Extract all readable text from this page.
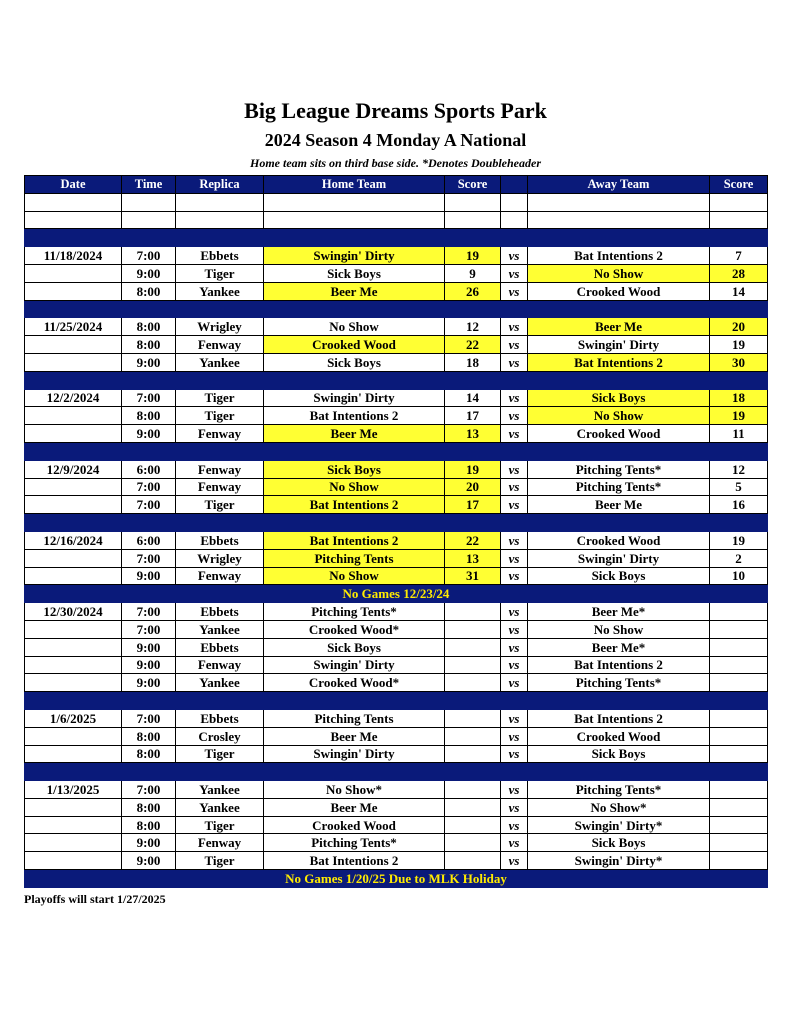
Big League Dreams Sports Park
2024 Season 4 Monday A National
Home team sits on third base side. *Denotes Doubleheader
Date	Time	Replica	Home Team	Score		Away Team	Score

11/18/2024	7:00	Ebbets	Swingin' Dirty	19	vs	Bat Intentions 2	7
	9:00	Tiger	Sick Boys	9	vs	No Show	28
	8:00	Yankee	Beer Me	26	vs	Crooked Wood	14

11/25/2024	8:00	Wrigley	No Show	12	vs	Beer Me	20
	8:00	Fenway	Crooked Wood	22	vs	Swingin' Dirty	19
	9:00	Yankee	Sick Boys	18	vs	Bat Intentions 2	30

12/2/2024	7:00	Tiger	Swingin' Dirty	14	vs	Sick Boys	18
	8:00	Tiger	Bat Intentions 2	17	vs	No Show	19
	9:00	Fenway	Beer Me	13	vs	Crooked Wood	11

12/9/2024	6:00	Fenway	Sick Boys	19	vs	Pitching Tents*	12
	7:00	Fenway	No Show	20	vs	Pitching Tents*	5
	7:00	Tiger	Bat Intentions 2	17	vs	Beer Me	16

12/16/2024	6:00	Ebbets	Bat Intentions 2	22	vs	Crooked Wood	19
	7:00	Wrigley	Pitching Tents	13	vs	Swingin' Dirty	2
	9:00	Fenway	No Show	31	vs	Sick Boys	10
No Games 12/23/24							
12/30/2024	7:00	Ebbets	Pitching Tents*		vs	Beer Me*	
	7:00	Yankee	Crooked Wood*		vs	No Show	
	9:00	Ebbets	Sick Boys		vs	Beer Me*	
	9:00	Fenway	Swingin' Dirty		vs	Bat Intentions 2	
	9:00	Yankee	Crooked Wood*		vs	Pitching Tents*	

1/6/2025	7:00	Ebbets	Pitching Tents		vs	Bat Intentions 2	
	8:00	Crosley	Beer Me		vs	Crooked Wood	
	8:00	Tiger	Swingin' Dirty		vs	Sick Boys	

1/13/2025	7:00	Yankee	No Show*		vs	Pitching Tents*	
	8:00	Yankee	Beer Me		vs	No Show*	
	8:00	Tiger	Crooked Wood		vs	Swingin' Dirty*	
	9:00	Fenway	Pitching Tents*		vs	Sick Boys	
	9:00	Tiger	Bat Intentions 2		vs	Swingin' Dirty*	
No Games 1/20/25 Due to MLK Holiday							
Playoffs will start 1/27/2025
